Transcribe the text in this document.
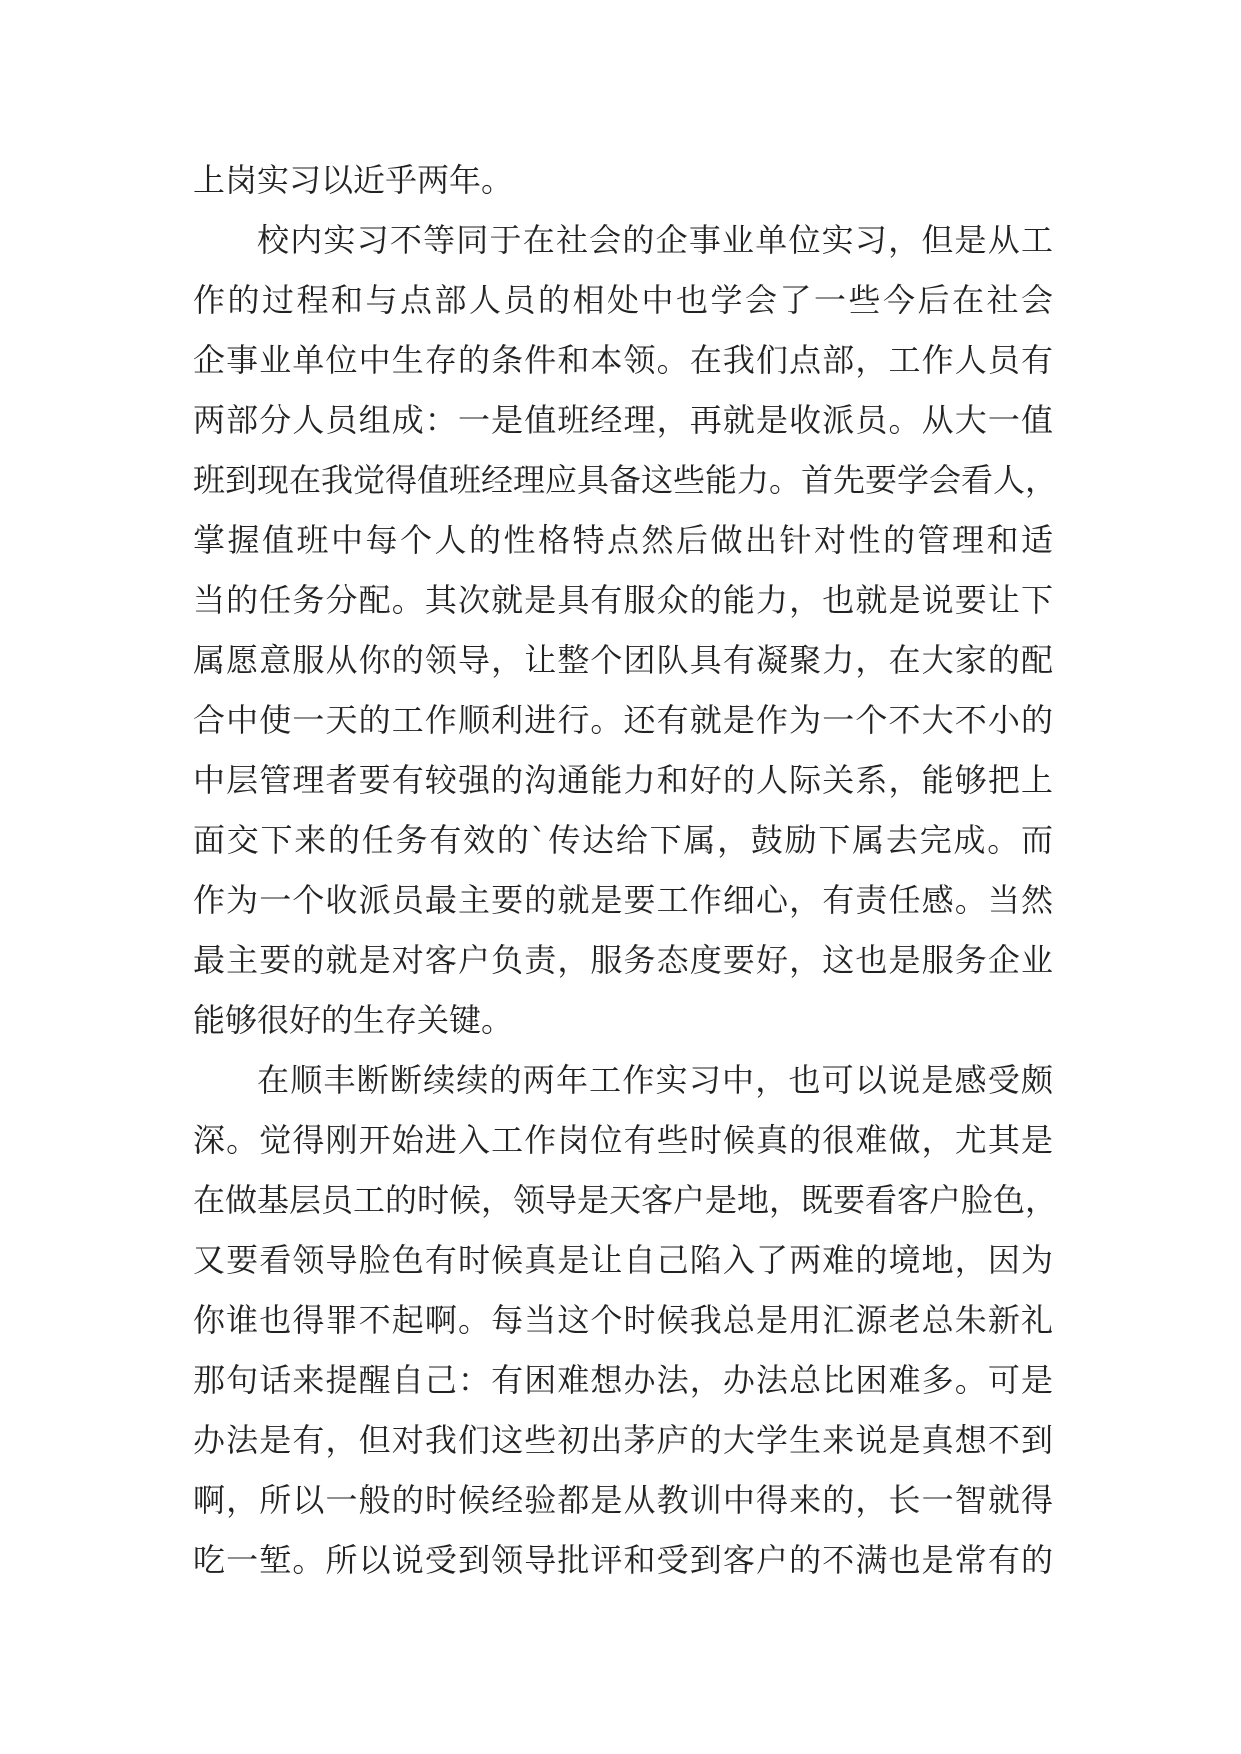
上岗实习以近乎两年。
校内实习不等同于在社会的企事业单位实习，但是从工
作的过程和与点部人员的相处中也学会了一些今后在社会
企事业单位中生存的条件和本领。在我们点部，工作人员有
两部分人员组成：一是值班经理，再就是收派员。从大一值
班到现在我觉得值班经理应具备这些能力。首先要学会看人，
掌握值班中每个人的性格特点然后做出针对性的管理和适
当的任务分配。其次就是具有服众的能力，也就是说要让下
属愿意服从你的领导，让整个团队具有凝聚力，在大家的配
合中使一天的工作顺利进行。还有就是作为一个不大不小的
中层管理者要有较强的沟通能力和好的人际关系，能够把上
面交下来的任务有效的`传达给下属，鼓励下属去完成。而
作为一个收派员最主要的就是要工作细心，有责任感。当然
最主要的就是对客户负责，服务态度要好，这也是服务企业
能够很好的生存关键。
在顺丰断断续续的两年工作实习中，也可以说是感受颇
深。觉得刚开始进入工作岗位有些时候真的很难做，尤其是
在做基层员工的时候，领导是天客户是地，既要看客户脸色，
又要看领导脸色有时候真是让自己陷入了两难的境地，因为
你谁也得罪不起啊。每当这个时候我总是用汇源老总朱新礼
那句话来提醒自己：有困难想办法，办法总比困难多。可是
办法是有，但对我们这些初出茅庐的大学生来说是真想不到
啊，所以一般的时候经验都是从教训中得来的，长一智就得
吃一堑。所以说受到领导批评和受到客户的不满也是常有的
